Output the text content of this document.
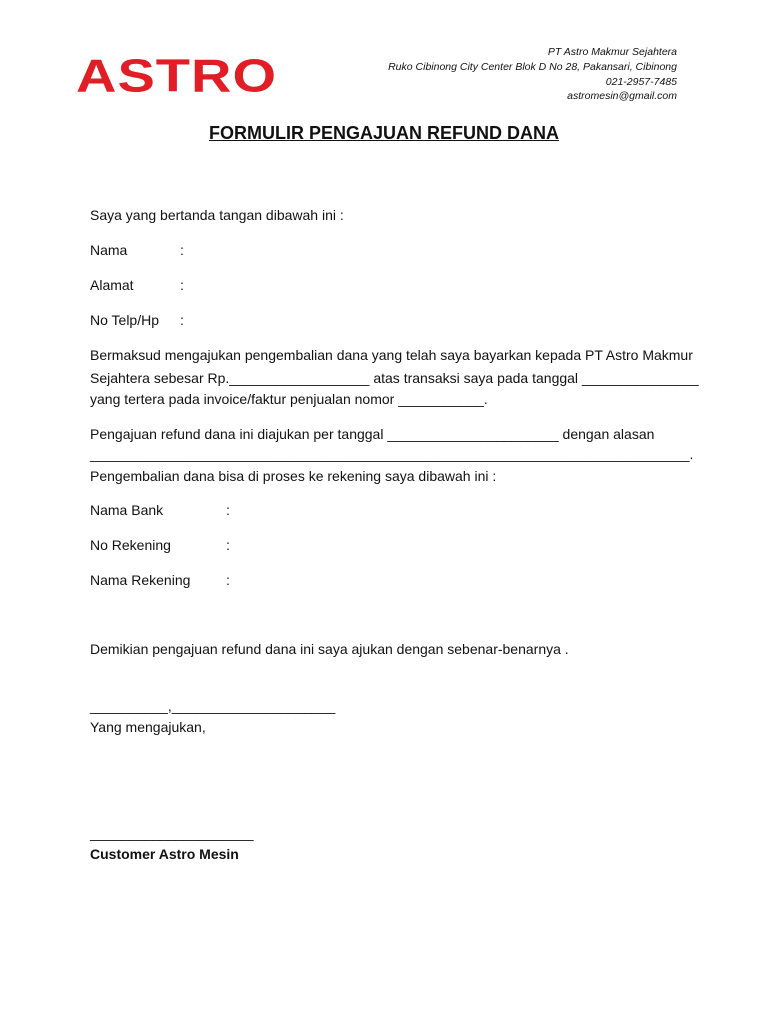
ASTRO	PT Astro Makmur Sejahtera
Ruko Cibinong City Center Blok D No 28, Pakansari, Cibinong
021-2957-7485
astromesin@gmail.com
FORMULIR PENGAJUAN REFUND DANA
Saya yang bertanda tangan dibawah ini :
Nama	:
Alamat	:
No Telp/Hp :
Bermaksud mengajukan pengembalian dana yang telah saya bayarkan kepada PT Astro Makmur
Sejahtera sebesar Rp.__________________ atas transaksi saya pada tanggal _______________
yang tertera pada invoice/faktur penjualan nomor ___________.
Pengajuan refund dana ini diajukan per tanggal ______________________ dengan alasan
_____________________________________________________________________________.
Pengembalian dana bisa di proses ke rekening saya dibawah ini :
Nama Bank	:
No Rekening	:
Nama Rekening	:
Demikian pengajuan refund dana ini saya ajukan dengan sebenar-benarnya .
__________,_____________________
Yang mengajukan,
_____________________
Customer Astro Mesin
